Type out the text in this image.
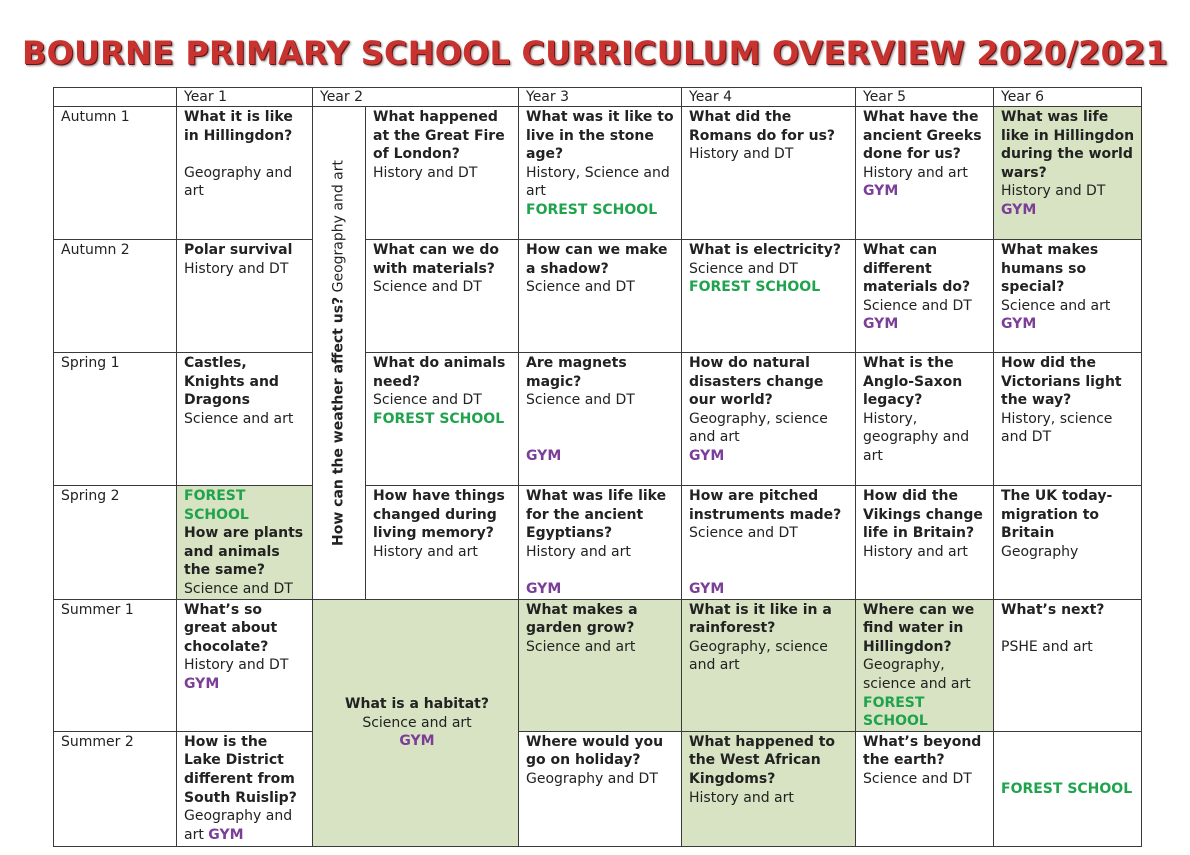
BOURNE PRIMARY SCHOOL CURRICULUM OVERVIEW 2020/2021
	Year 1	Year 2		Year 3	Year 4	Year 5	Year 6
Autumn 1	What it is like in Hillingdon?
Geography and art	How can the weather affect us? Geography and art	What happened at the Great Fire of London?
History and DT	What was it like to live in the stone age?
History, Science and art
FOREST SCHOOL	What did the Romans do for us?
History and DT	What have the ancient Greeks done for us?
History and art
GYM	What was life like in Hillingdon during the world wars?
History and DT
GYM

Autumn 2	Polar survival
History and DT		What can we do with materials?
Science and DT	How can we make a shadow?
Science and DT	What is electricity?
Science and DT
FOREST SCHOOL	What can different materials do?
Science and DT
GYM	What makes humans so special?
Science and art
GYM

Spring 1	Castles, Knights and Dragons
Science and art		What do animals need?
Science and DT
FOREST SCHOOL	Are magnets magic?
Science and DT
GYM	How do natural disasters change our world?
Geography, science and art
GYM	What is the Anglo-Saxon legacy?
History, geography and art	How did the Victorians light the way?
History, science and DT

Spring 2	FOREST SCHOOL
How are plants and animals the same?
Science and DT		How have things changed during living memory?
History and art	What was life like for the ancient Egyptians?
History and art
GYM	How are pitched instruments made?
Science and DT
GYM	How did the Vikings change life in Britain?
History and art	The UK today-migration to Britain
Geography

Summer 1	What’s so great about chocolate?
History and DT
GYM	What is a habitat?
Science and art
GYM		What makes a garden grow?
Science and art	What is it like in a rainforest?
Geography, science and art	Where can we find water in Hillingdon?
Geography, science and art
FOREST SCHOOL	What’s next?
PSHE and art

Summer 2	How is the Lake District different from South Ruislip?
Geography and art GYM			Where would you go on holiday?
Geography and DT	What happened to the West African Kingdoms?
History and art	What’s beyond the earth?
Science and DT	FOREST SCHOOL
